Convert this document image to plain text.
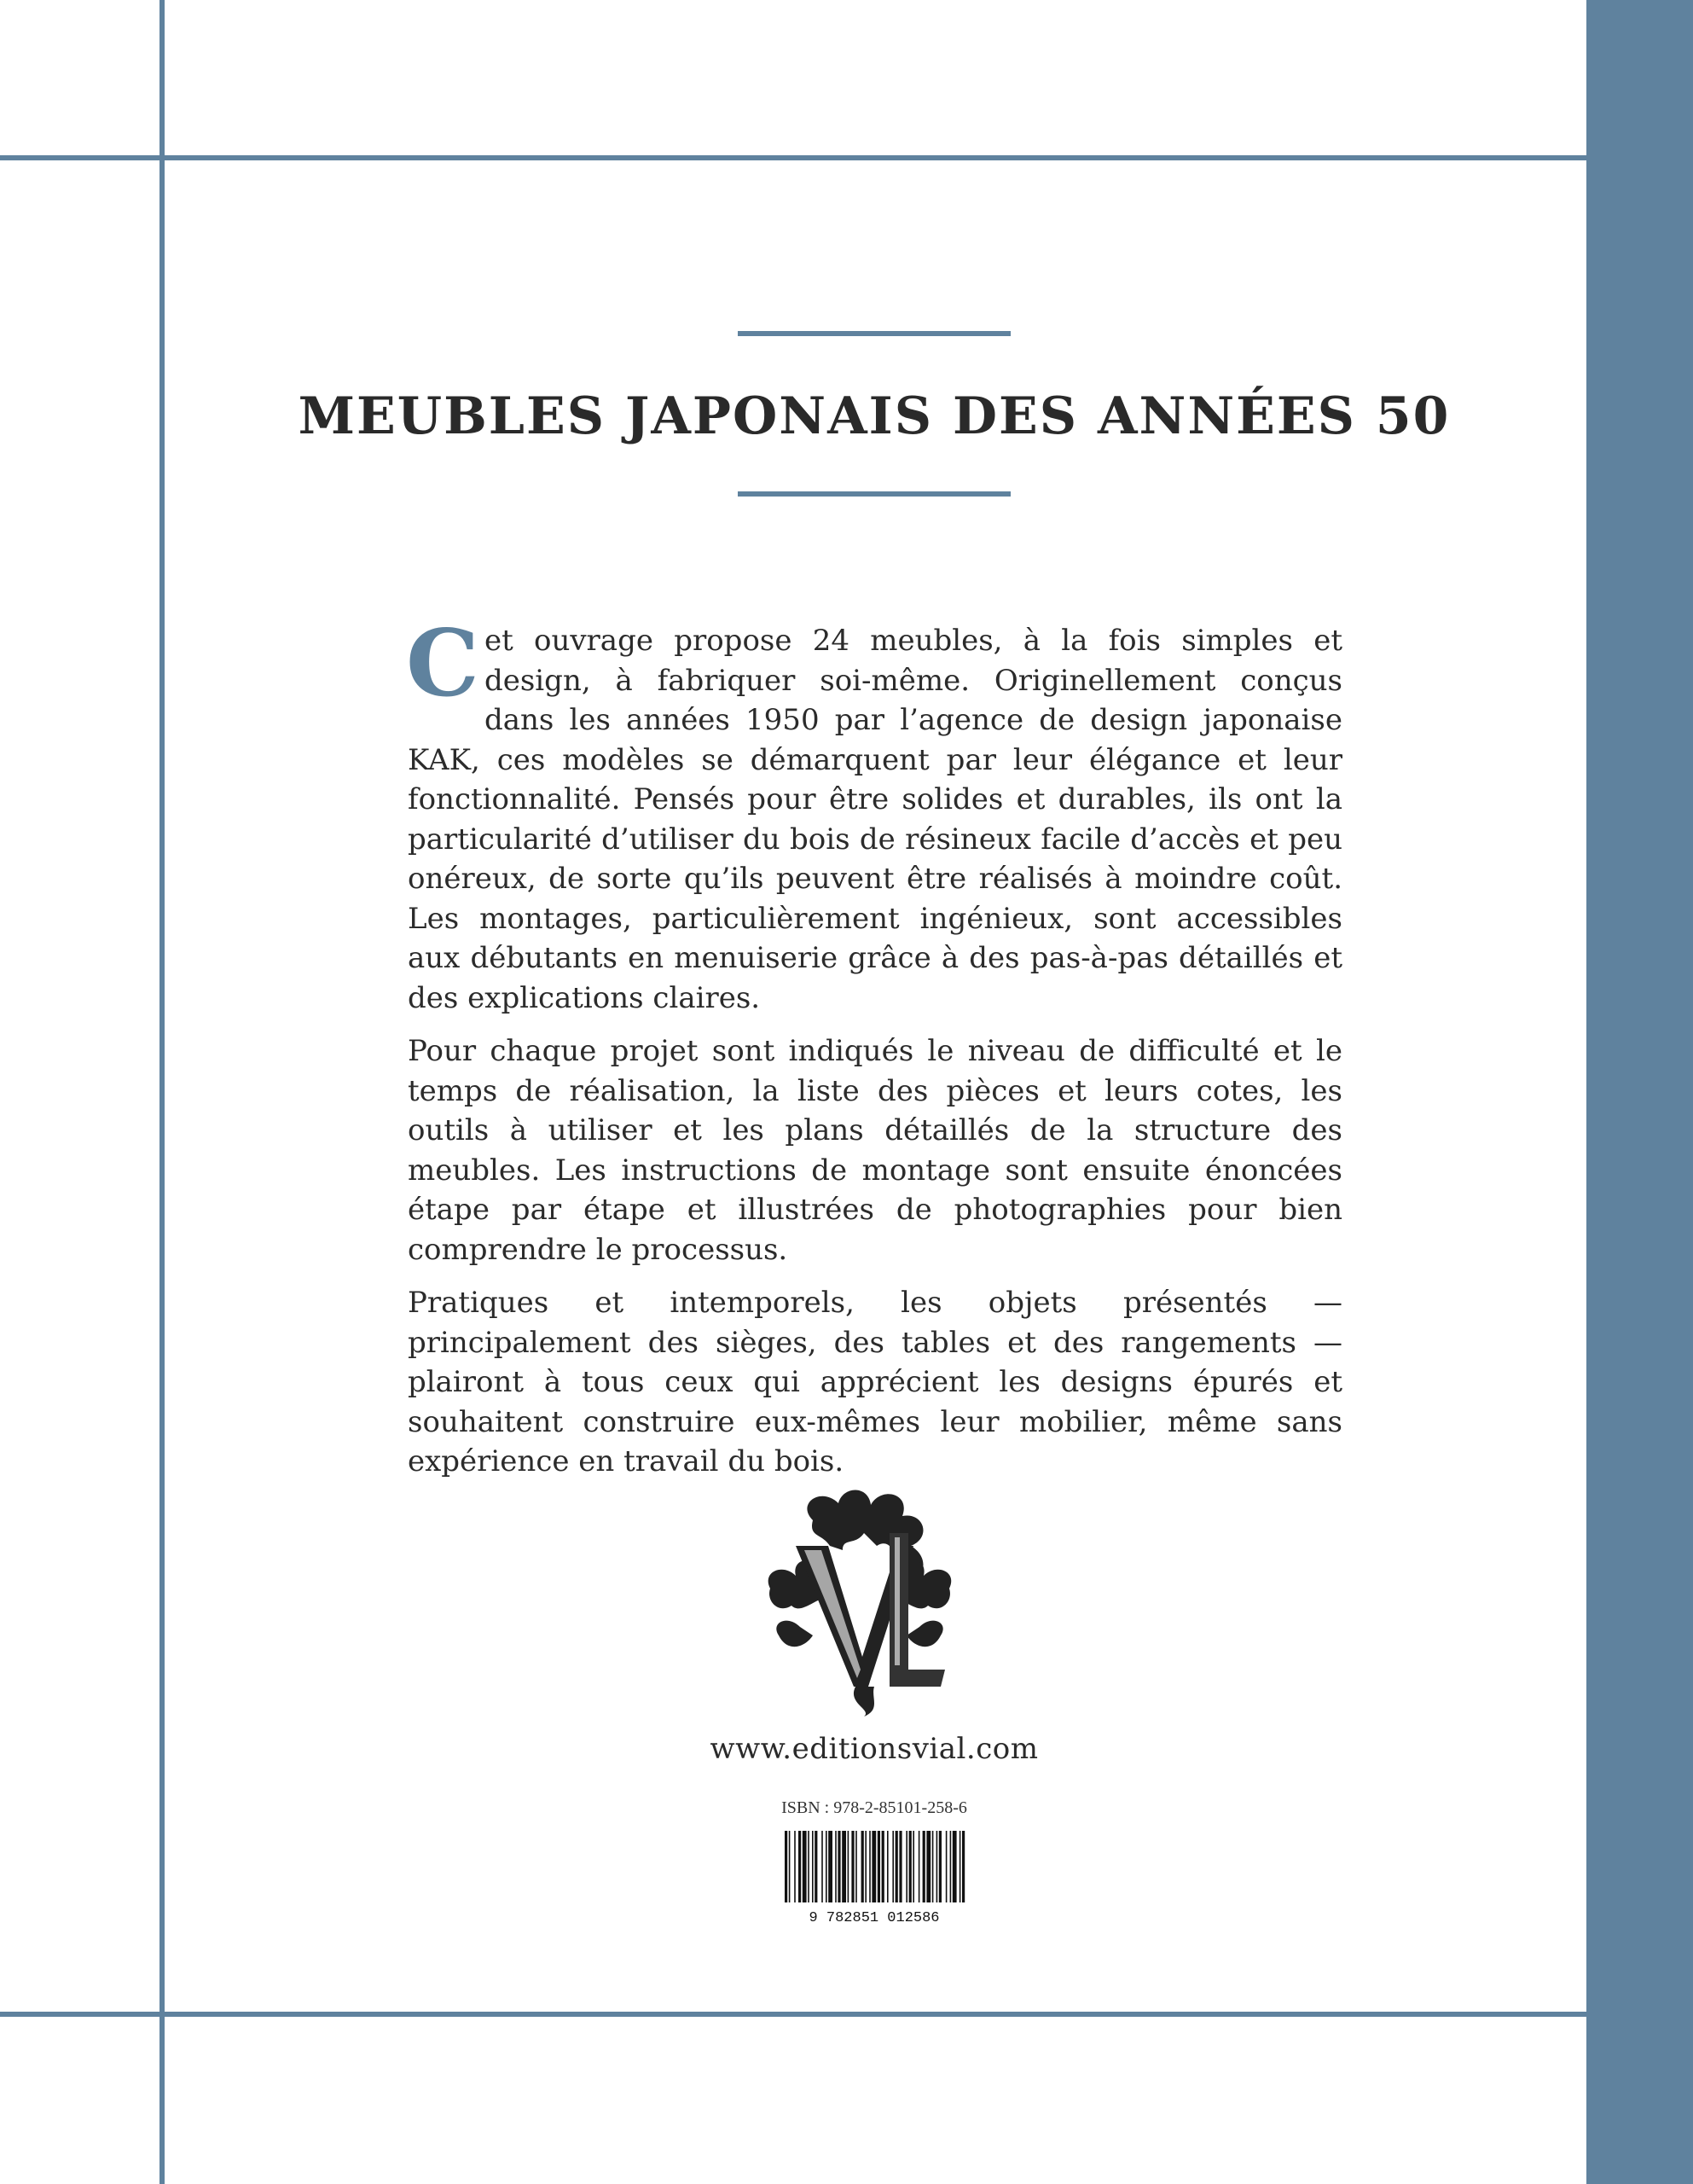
MEUBLES JAPONAIS DES ANNÉES 50

Cet ouvrage propose 24 meubles, à la fois simples et design, à fabriquer soi-même. Originellement conçus dans les années 1950 par l’agence de design japonaise KAK, ces modèles se démarquent par leur élégance et leur fonctionnalité. Pensés pour être solides et durables, ils ont la particularité d’utiliser du bois de résineux facile d’accès et peu onéreux, de sorte qu’ils peuvent être réalisés à moindre coût. Les montages, particulièrement ingénieux, sont accessibles aux débutants en menuiserie grâce à des pas-à-pas détaillés et des explications claires.

Pour chaque projet sont indiqués le niveau de difficulté et le temps de réalisation, la liste des pièces et leurs cotes, les outils à utiliser et les plans détaillés de la structure des meubles. Les instructions de montage sont ensuite énoncées étape par étape et illustrées de photographies pour bien comprendre le processus.

Pratiques et intemporels, les objets présentés — principalement des sièges, des tables et des rangements — plairont à tous ceux qui apprécient les designs épurés et souhaitent construire eux-mêmes leur mobilier, même sans expérience en travail du bois.

www.editionsvial.com
ISBN : 978-2-85101-258-6
9 782851 012586
